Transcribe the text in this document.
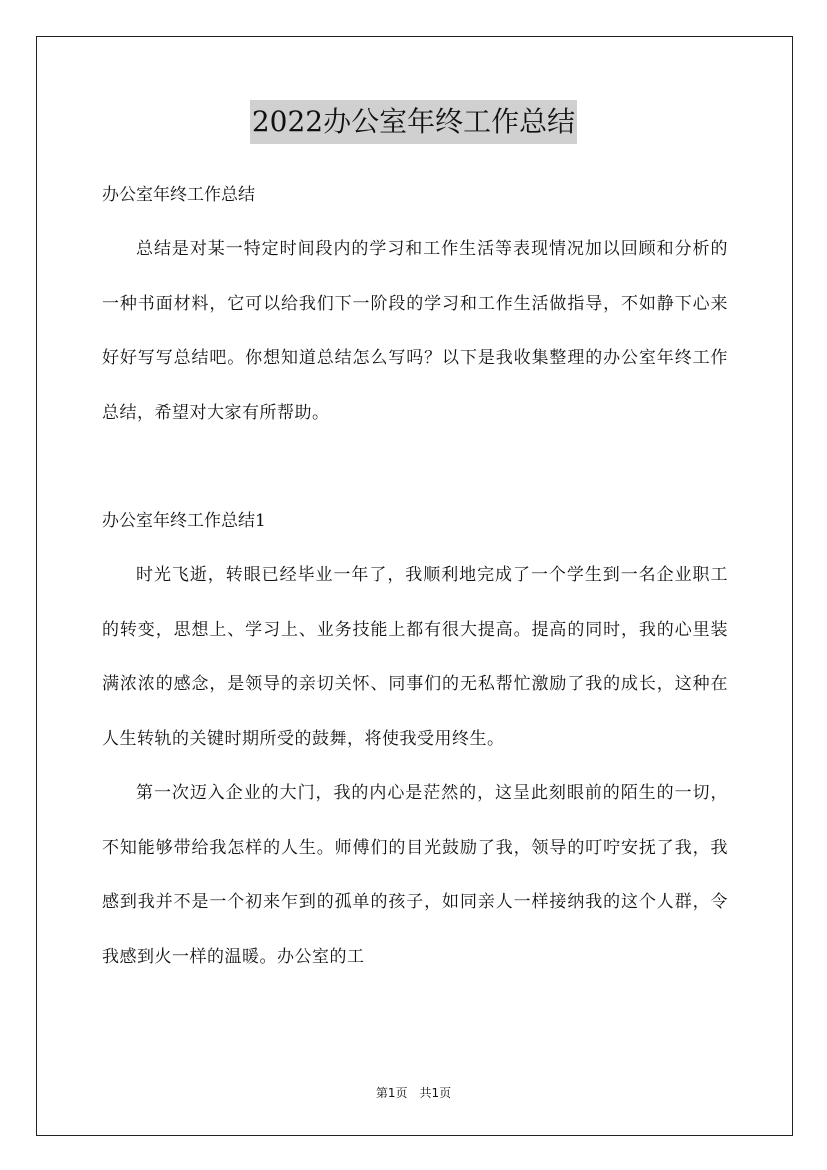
2022办公室年终工作总结

办公室年终工作总结

总结是对某一特定时间段内的学习和工作生活等表现情况加以回顾和分析的一种书面材料，它可以给我们下一阶段的学习和工作生活做指导，不如静下心来好好写写总结吧。你想知道总结怎么写吗？以下是我收集整理的办公室年终工作总结，希望对大家有所帮助。

办公室年终工作总结1

时光飞逝，转眼已经毕业一年了，我顺利地完成了一个学生到一名企业职工的转变，思想上、学习上、业务技能上都有很大提高。提高的同时，我的心里装满浓浓的感念，是领导的亲切关怀、同事们的无私帮忙激励了我的成长，这种在人生转轨的关键时期所受的鼓舞，将使我受用终生。

第一次迈入企业的大门，我的内心是茫然的，这呈此刻眼前的陌生的一切，不知能够带给我怎样的人生。师傅们的目光鼓励了我，领导的叮咛安抚了我，我感到我并不是一个初来乍到的孤单的孩子，如同亲人一样接纳我的这个人群，令我感到火一样的温暖。办公室的工

第1页　共1页
